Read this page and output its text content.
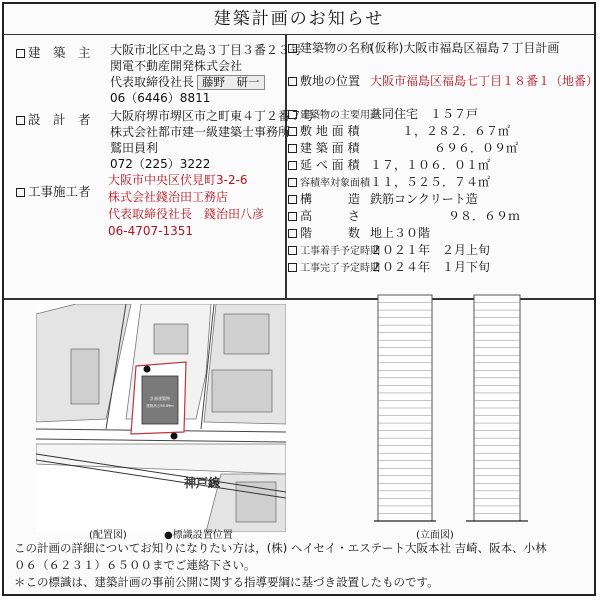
建築計画のお知らせ
建　築　主 大阪市北区中之島３丁目３番２３号
関電不動産開発株式会社
代表取締役社長 藤野　研一
06（6446）8811
設　計　者 大阪府堺市堺区市之町東４丁２番７号
株式会社都市建一級建築士事務所
鷲田員利
072（225）3222
工事施工者
大阪市中央区伏見町3-2-6
株式会社錢治田工務店
代表取締役社長　錢治田八彦
06-4707-1351
建築物の名称
(仮称)大阪市福島区福島７丁目計画
敷地の位置 大阪市福島区福島七丁目１８番１（地番）
建築物の主要用途
共同住宅　１５７戸
敷 地 面 積	１，２８２．６７㎡
建 築 面 積	６９６．０９㎡
延 べ 面 積 １７，１０６．０１㎡
容積率対象面積 １１，５２５．７４㎡
構　　　造 鉄筋コンクリート造
高　　　さ	９８．６９ｍ
階　　　数 地上３０階
工事着手予定時期
２０２１年　２月上旬
工事完了予定時期
２０２４年　１月下旬
計画建築物
建物高さ98.69m
神戸線
(配置図)	●標識設置位置	(立面図)
この計画の詳細についてお知りになりたい方は，(株) ヘイセイ・エステート大阪本社 吉崎、阪本、小林
０６（６２３１）６５００までご連絡下さい。
＊この標識は、建築計画の事前公開に関する指導要綱に基づき設置したものです。
